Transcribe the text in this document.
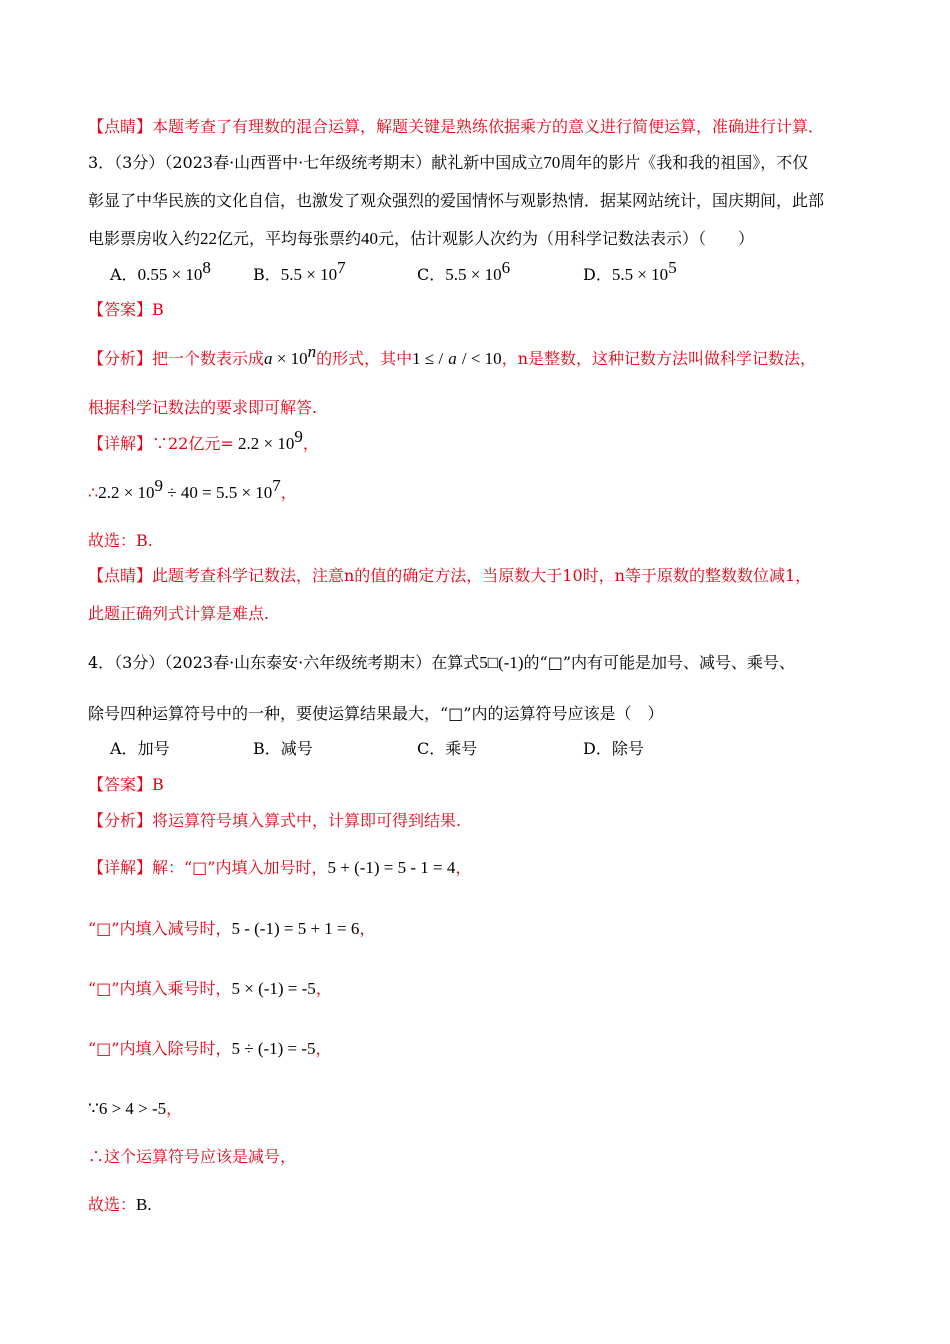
【点睛】本题考查了有理数的混合运算，解题关键是熟练依据乘方的意义进行简便运算，准确进行计算．
3．（3分）（2023春·山西晋中·七年级统考期末）献礼新中国成立70周年的影片《我和我的祖国》，不仅
彰显了中华民族的文化自信，也激发了观众强烈的爱国情怀与观影热情．据某网站统计，国庆期间，此部
电影票房收入约22亿元，平均每张票约40元，估计观影人次约为（用科学记数法表示）（　　）
A．$0.55 \times 10^8$	B．$5.5 \times 10^7$	C．$5.5 \times 10^6$	D．$5.5 \times 10^5$
【答案】B
【分析】把一个数表示成$a \times 10^n$的形式，其中1 ≤ / a / < 10，n是整数，这种记数方法叫做科学记数法，
根据科学记数法的要求即可解答.
【详解】∵22亿元= $2.2 \times 10^9$，
∴2.2 × $10^9 \div 40 = 5.5 \times 10^7$，
故选：B.
【点睛】此题考查科学记数法，注意n的值的确定方法，当原数大于10时，n等于原数的整数数位减1，
此题正确列式计算是难点.
4．（3分）（2023春·山东泰安·六年级统考期末）在算式5□(-1)的“□”内有可能是加号、减号、乘号、
除号四种运算符号中的一种，要使运算结果最大，“□”内的运算符号应该是（　）
A．加号	B．减号	C．乘号	D．除号
【答案】B
【分析】将运算符号填入算式中，计算即可得到结果.
【详解】解：“□”内填入加号时，5 + (-1) = 5 - 1 = 4，
“□”内填入减号时，5 - (-1) = 5 + 1 = 6，
“□”内填入乘号时，5 × (-1) = -5，
“□”内填入除号时，5 ÷ (-1) = -5，
∵6 > 4 > -5，
∴这个运算符号应该是减号，
故选：B.
